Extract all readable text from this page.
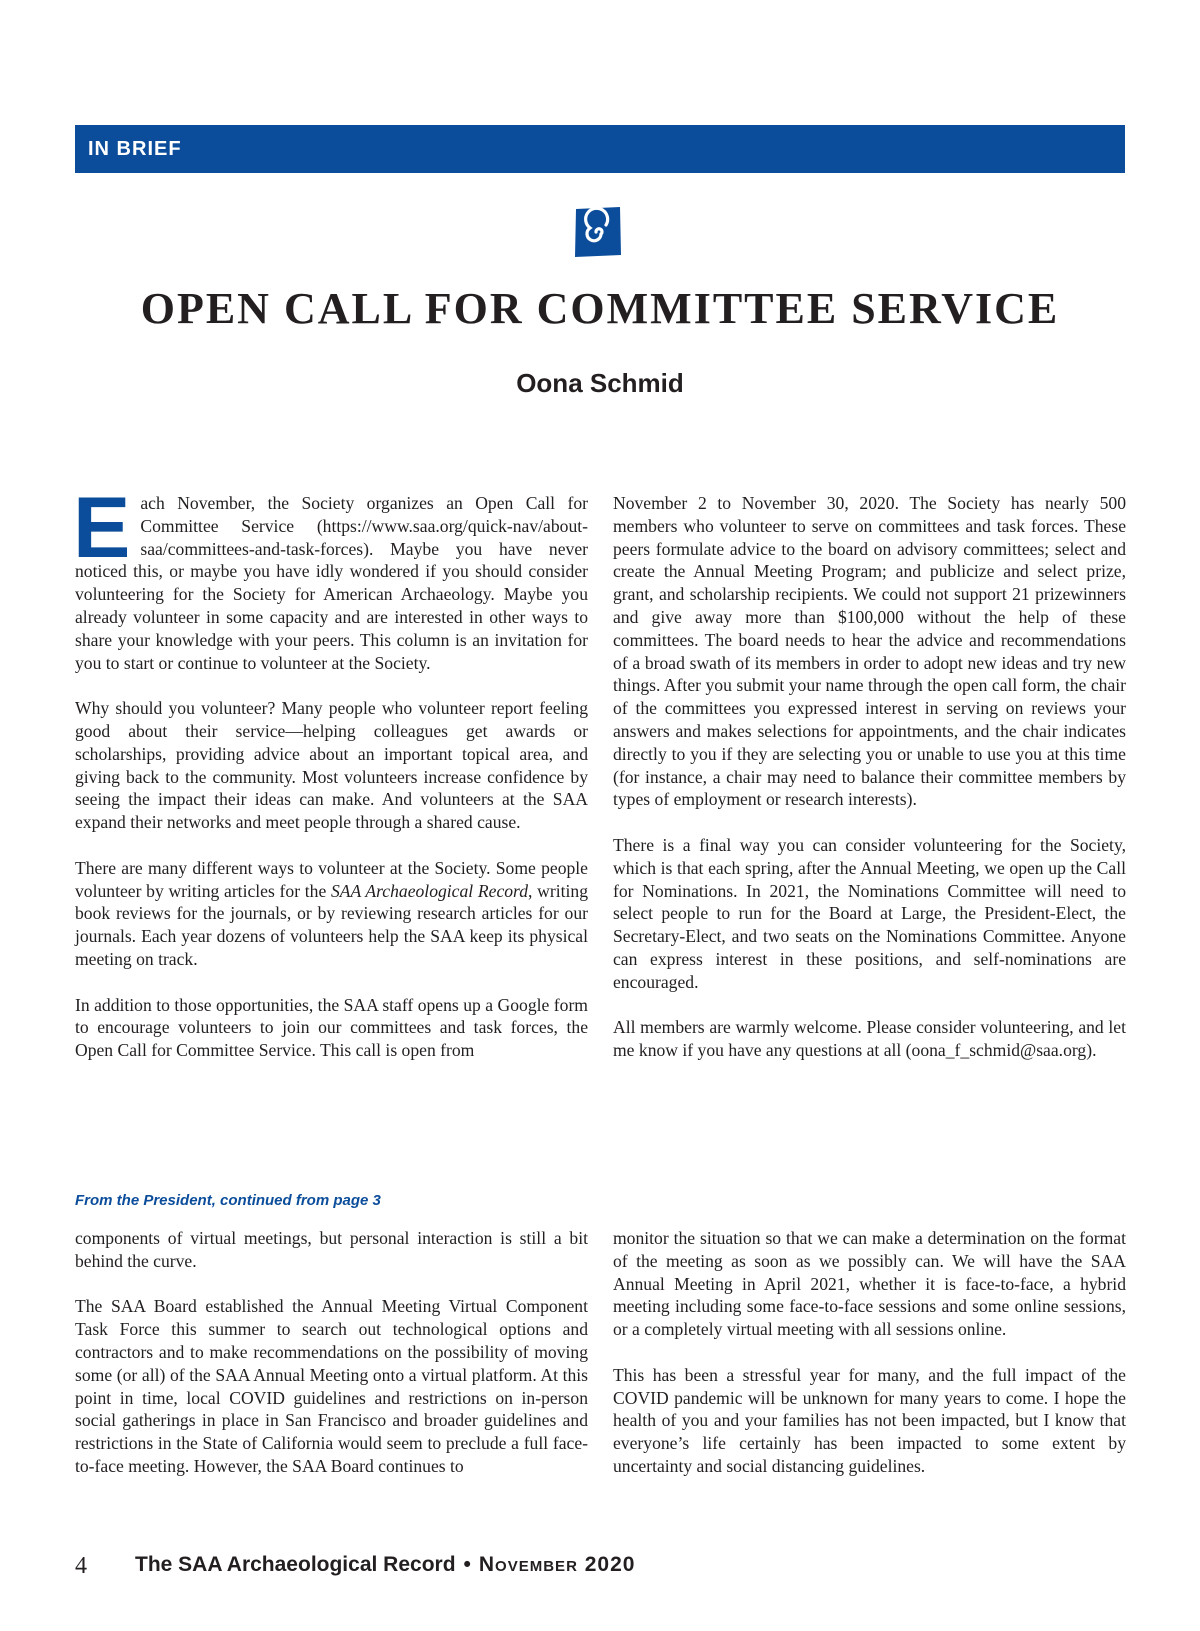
IN BRIEF
OPEN CALL FOR COMMITTEE SERVICE
Oona Schmid

Each November, the Society organizes an Open Call for Committee Service (https://www.saa.org/quick-nav/about-saa/committees-and-task-forces). Maybe you have never noticed this, or maybe you have idly wondered if you should consider volunteering for the Society for American Archaeology. Maybe you already volunteer in some capacity and are interested in other ways to share your knowledge with your peers. This column is an invitation for you to start or continue to volunteer at the Society.

Why should you volunteer? Many people who volunteer report feeling good about their service—helping colleagues get awards or scholarships, providing advice about an important topical area, and giving back to the community. Most volunteers increase confidence by seeing the impact their ideas can make. And volunteers at the SAA expand their networks and meet people through a shared cause.

There are many different ways to volunteer at the Society. Some people volunteer by writing articles for the SAA Archaeological Record, writing book reviews for the journals, or by reviewing research articles for our journals. Each year dozens of volunteers help the SAA keep its physical meeting on track.

In addition to those opportunities, the SAA staff opens up a Google form to encourage volunteers to join our committees and task forces, the Open Call for Committee Service. This call is open from

November 2 to November 30, 2020. The Society has nearly 500 members who volunteer to serve on committees and task forces. These peers formulate advice to the board on advisory committees; select and create the Annual Meeting Program; and publicize and select prize, grant, and scholarship recipients. We could not support 21 prizewinners and give away more than $100,000 without the help of these committees. The board needs to hear the advice and recommendations of a broad swath of its members in order to adopt new ideas and try new things. After you submit your name through the open call form, the chair of the committees you expressed interest in serving on reviews your answers and makes selections for appointments, and the chair indicates directly to you if they are selecting you or unable to use you at this time (for instance, a chair may need to balance their committee members by types of employment or research interests).

There is a final way you can consider volunteering for the Society, which is that each spring, after the Annual Meeting, we open up the Call for Nominations. In 2021, the Nominations Committee will need to select people to run for the Board at Large, the President-Elect, the Secretary-Elect, and two seats on the Nominations Committee. Anyone can express interest in these positions, and self-nominations are encouraged.

All members are warmly welcome. Please consider volunteering, and let me know if you have any questions at all (oona_f_schmid@saa.org).

From the President, continued from page 3

components of virtual meetings, but personal interaction is still a bit behind the curve.

The SAA Board established the Annual Meeting Virtual Component Task Force this summer to search out technological options and contractors and to make recommendations on the possibility of moving some (or all) of the SAA Annual Meeting onto a virtual platform. At this point in time, local COVID guidelines and restrictions on in-person social gatherings in place in San Francisco and broader guidelines and restrictions in the State of California would seem to preclude a full face-to-face meeting. However, the SAA Board continues to

monitor the situation so that we can make a determination on the format of the meeting as soon as we possibly can. We will have the SAA Annual Meeting in April 2021, whether it is face-to-face, a hybrid meeting including some face-to-face sessions and some online sessions, or a completely virtual meeting with all sessions online.

This has been a stressful year for many, and the full impact of the COVID pandemic will be unknown for many years to come. I hope the health of you and your families has not been impacted, but I know that everyone’s life certainly has been impacted to some extent by uncertainty and social distancing guidelines.

4 The SAA Archaeological Record • November 2020
